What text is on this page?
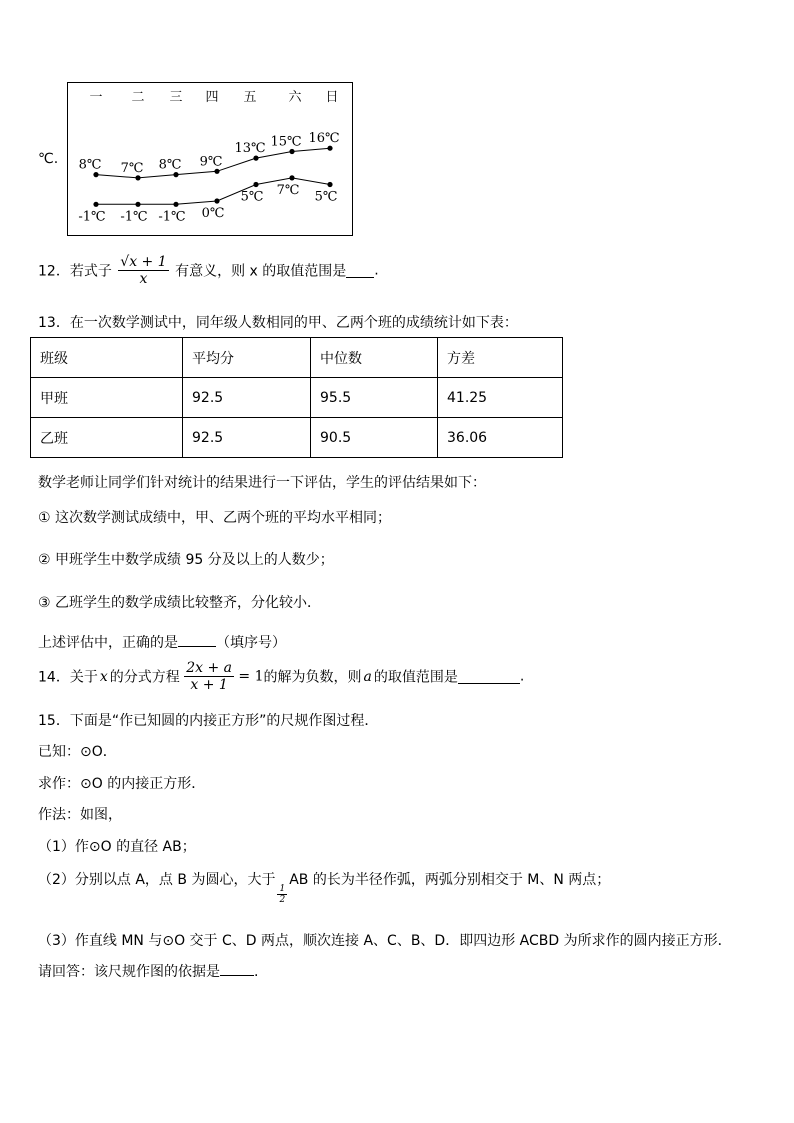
℃.
一 二 三 四 五 六 日
8℃ 7℃ 8℃ 9℃
13℃ 15℃ 16℃
-1℃ -1℃ -1℃ 0℃
5℃ 7℃ 5℃
12．若式子 $\frac{√x + 1}{x}$ 有意义，则 x 的取值范围是 .
13．在一次数学测试中，同年级人数相同的甲、乙两个班的成绩统计如下表：
班级	平均分	中位数	方差
甲班	92.5	95.5	41.25
乙班	92.5	90.5	36.06
数学老师让同学们针对统计的结果进行一下评估，学生的评估结果如下：
① 这次数学测试成绩中，甲、乙两个班的平均水平相同；
② 甲班学生中数学成绩 95 分及以上的人数少；
③ 乙班学生的数学成绩比较整齐，分化较小．
上述评估中，正确的是	（填序号）
14．关于 x 的分式方程 $\frac{2x + a}{x + 1} = 1$的解为负数，则 a 的取值范围是	.
15．下面是“作已知圆的内接正方形”的尺规作图过程．
已知：⊙O．
求作：⊙O 的内接正方形．
作法：如图，
（1）作⊙O 的直径 AB；
（2）分别以点 A，点 B 为圆心，大于
$\frac{1}{2}$
AB 的长为半径作弧，两弧分别相交于 M、N 两点；
（3）作直线 MN 与⊙O 交于 C、D 两点，顺次连接 A、C、B、D．即四边形 ACBD 为所求作的圆内接正方形．
请回答：该尺规作图的依据是 .
